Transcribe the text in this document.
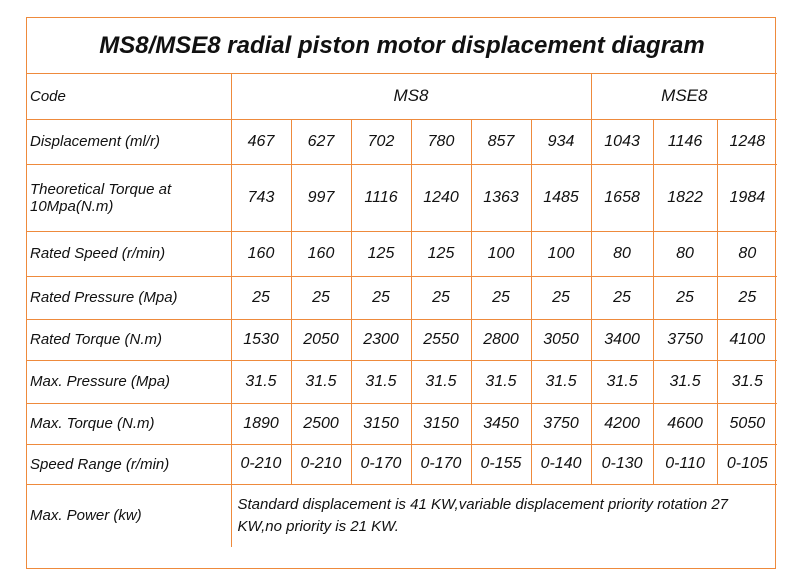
MS8/MSE8 radial piston motor displacement diagram
Code	MS8						MSE8		
Displacement (ml/r)	467	627	702	780	857	934	1043	1146	1248
Theoretical Torque at 10Mpa(N.m)	743	997	1116	1240	1363	1485	1658	1822	1984
Rated Speed (r/min)	160	160	125	125	100	100	80	80	80
Rated Pressure (Mpa)	25	25	25	25	25	25	25	25	25
Rated Torque (N.m)	1530	2050	2300	2550	2800	3050	3400	3750	4100
Max. Pressure (Mpa)	31.5	31.5	31.5	31.5	31.5	31.5	31.5	31.5	31.5
Max. Torque (N.m)	1890	2500	3150	3150	3450	3750	4200	4600	5050
Speed Range (r/min)	0-210	0-210	0-170	0-170	0-155	0-140	0-130	0-110	0-105
Max. Power (kw)	Standard displacement is 41 KW,variable displacement priority rotation 27 KW,no priority is 21 KW.								
